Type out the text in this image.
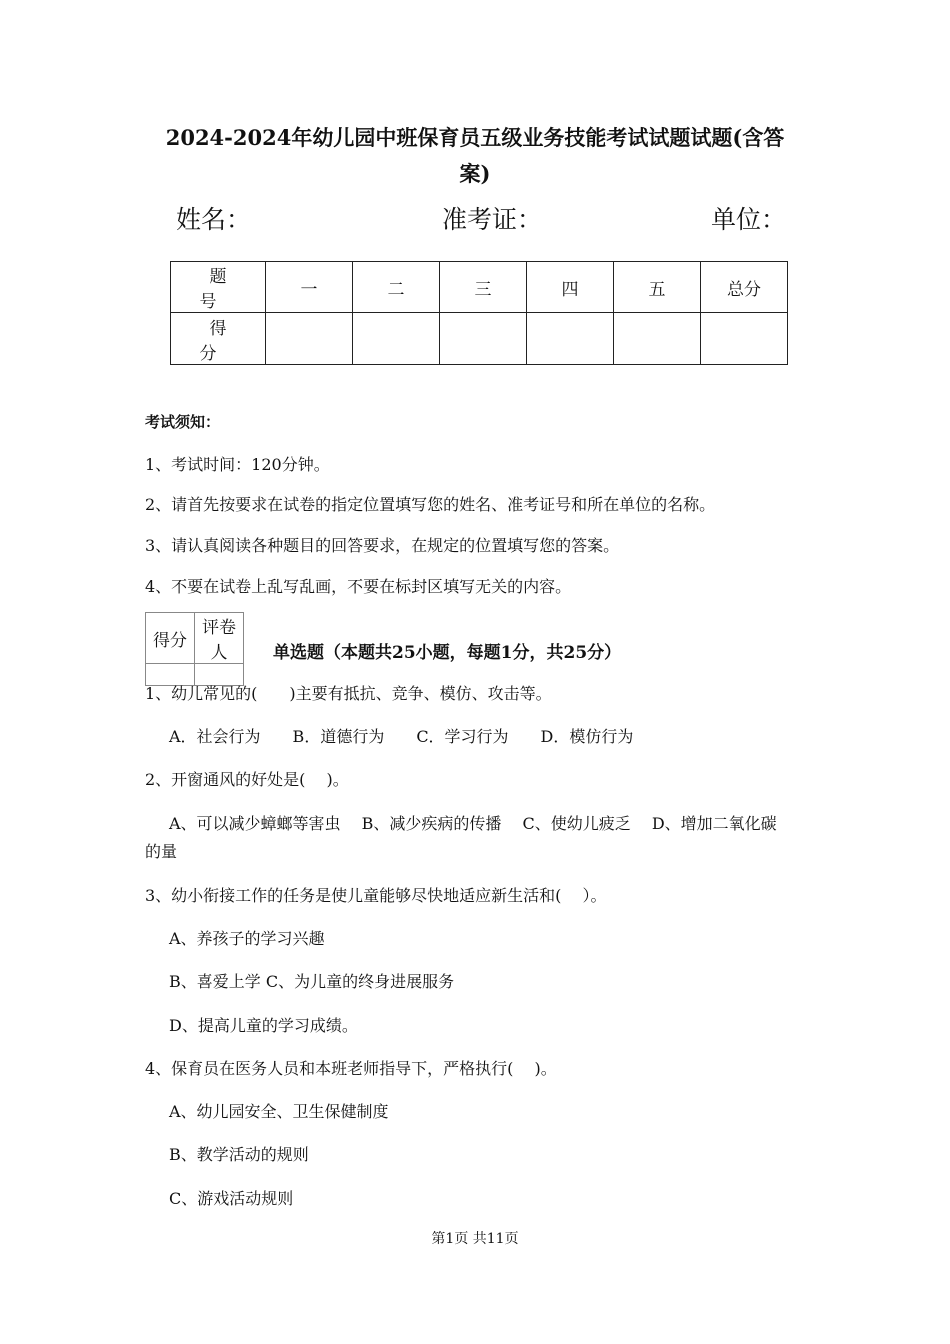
2024-2024年幼儿园中班保育员五级业务技能考试试题试题(含答
案)
姓名：	准考证：	单位：
题　号	一	二	三	四	五	总分
得　分						
考试须知：
1、考试时间：120分钟。
2、请首先按要求在试卷的指定位置填写您的姓名、准考证号和所在单位的名称。
3、请认真阅读各种题目的回答要求，在规定的位置填写您的答案。
4、不要在试卷上乱写乱画，不要在标封区填写无关的内容。
得分	评卷人
		单选题（本题共25小题，每题1分，共25分）
1、幼儿常见的(　　)主要有抵抗、竞争、模仿、攻击等。
A．社会行为　　B．道德行为　　C．学习行为　　D．模仿行为
2、开窗通风的好处是(　 )。
A、可以减少蟑螂等害虫　 B、减少疾病的传播　 C、使幼儿疲乏　 D、增加二氧化碳
的量
3、幼小衔接工作的任务是使儿童能够尽快地适应新生活和(　 ）。
A、养孩子的学习兴趣
B、喜爱上学 C、为儿童的终身进展服务
D、提高儿童的学习成绩。
4、保育员在医务人员和本班老师指导下，严格执行(　 )。
A、幼儿园安全、卫生保健制度
B、教学活动的规则
C、游戏活动规则
第1页 共11页
